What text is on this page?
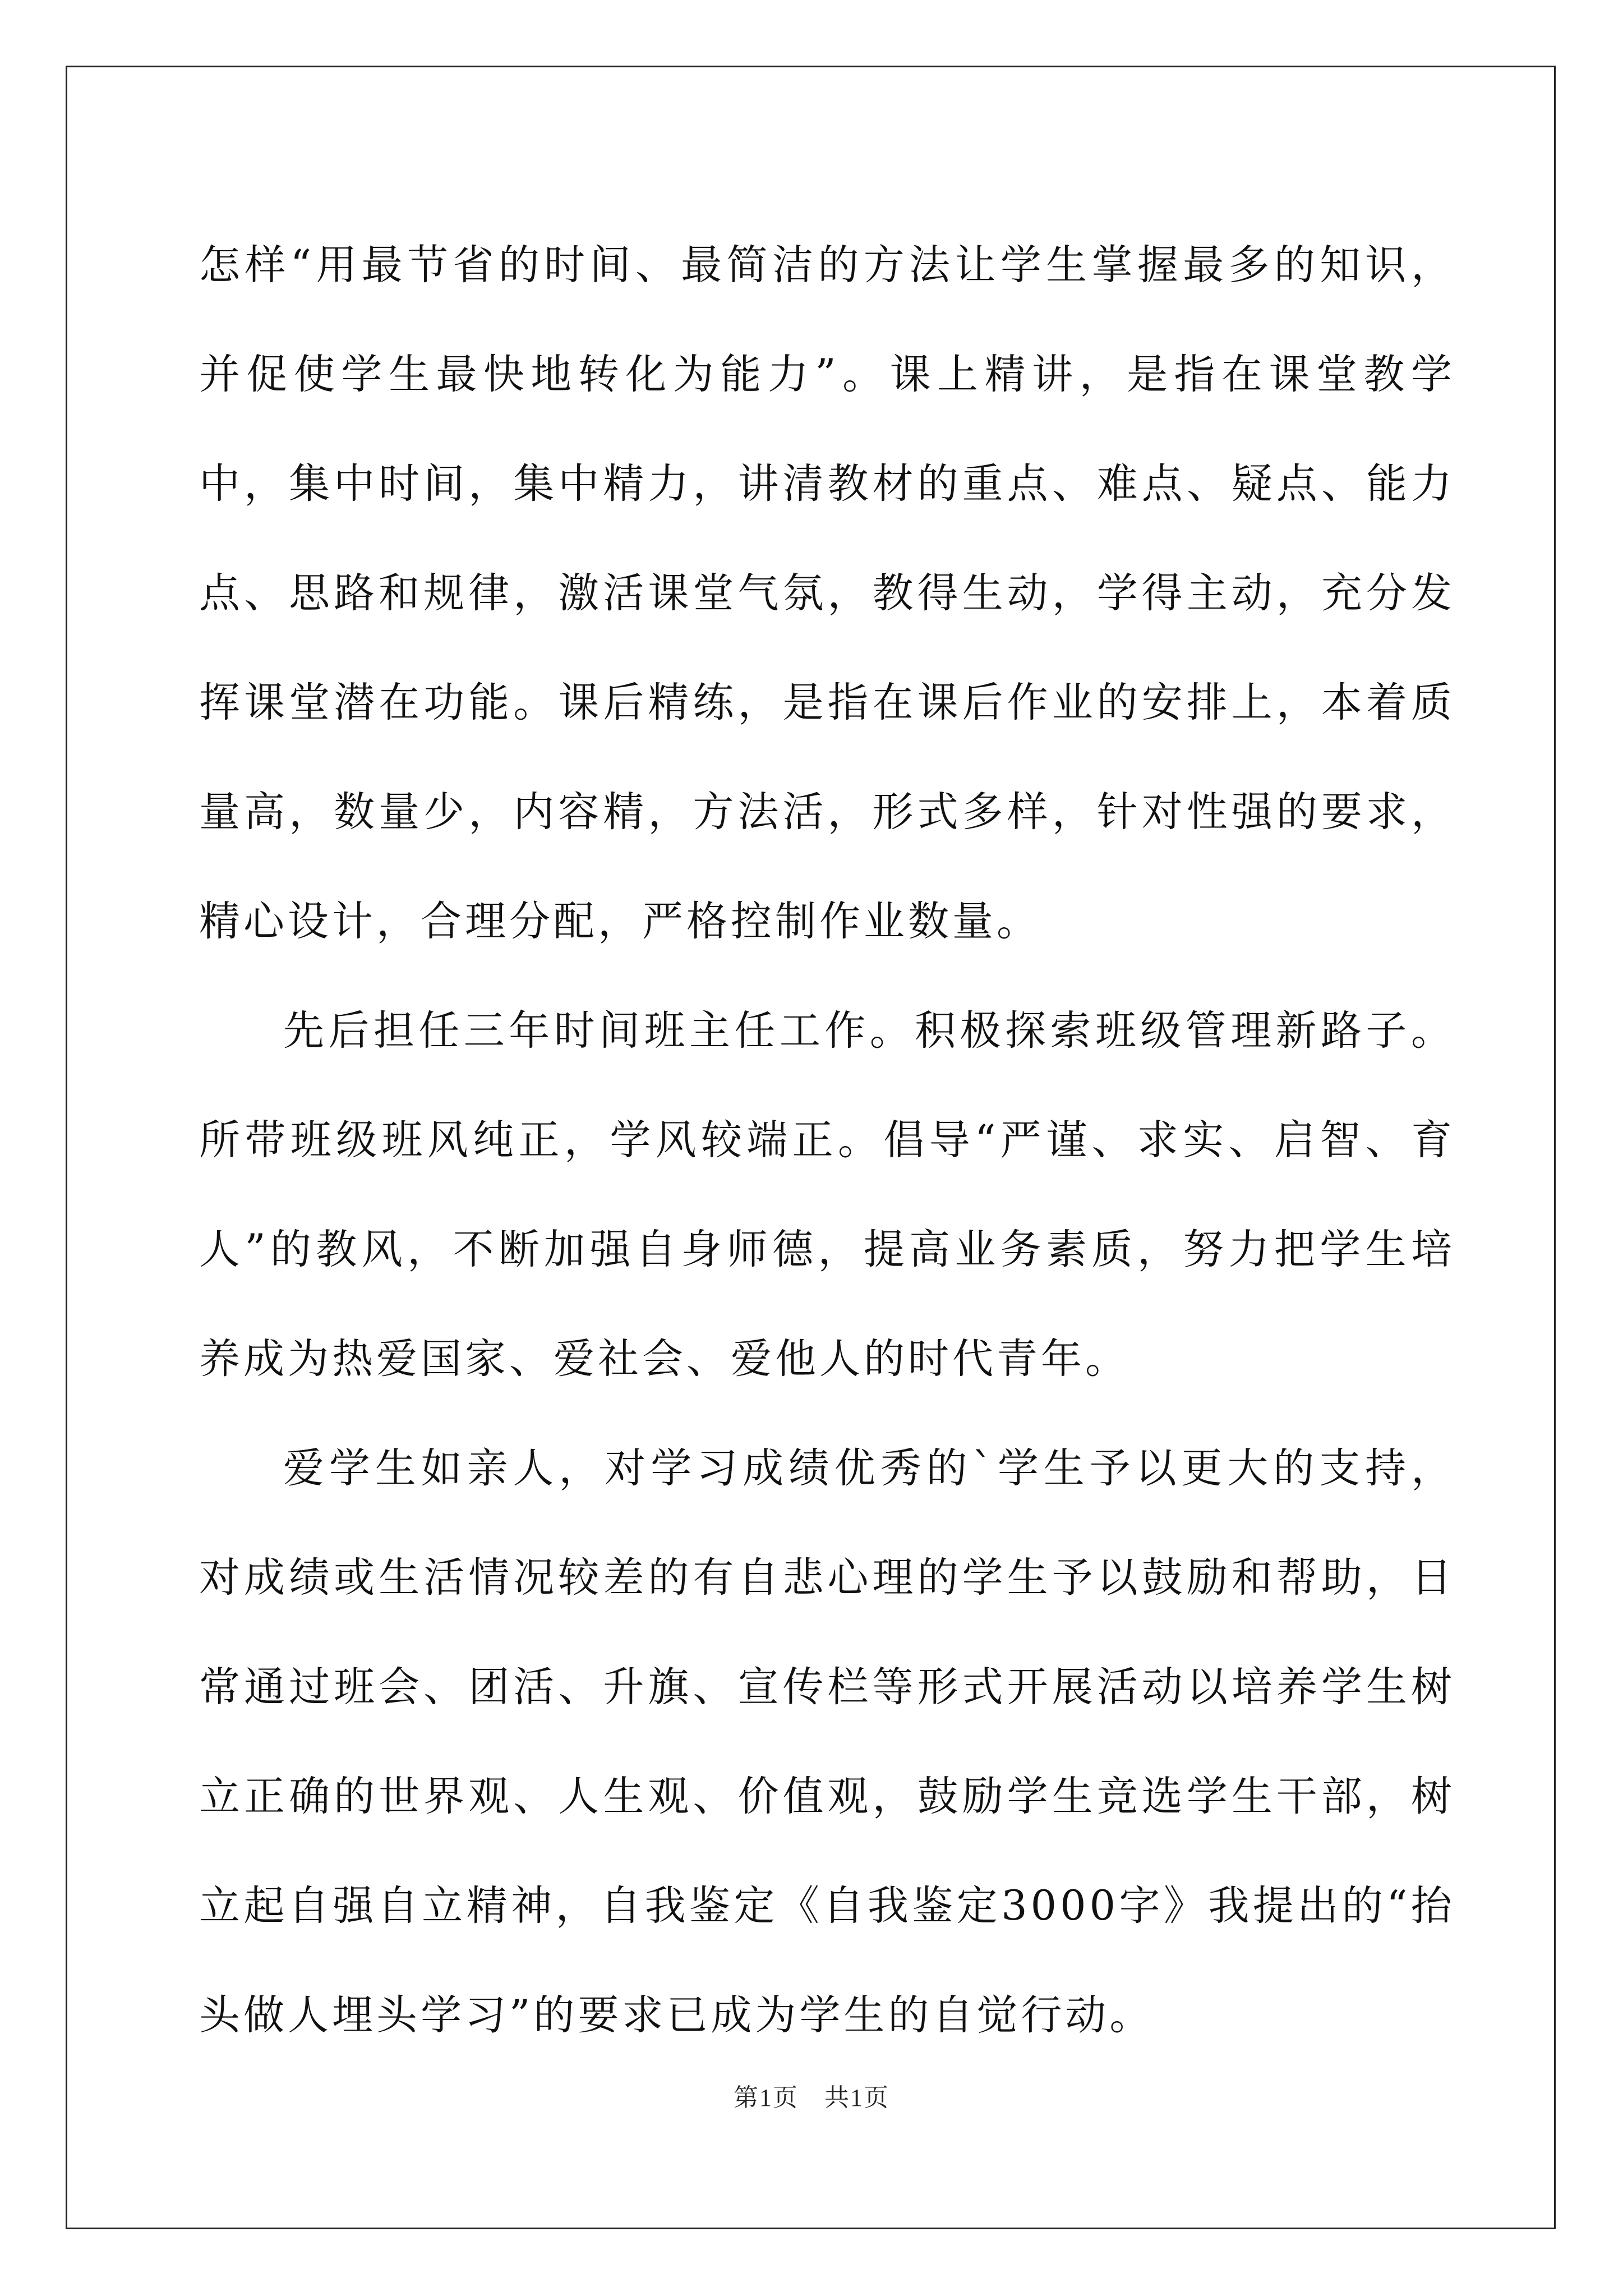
怎样“用最节省的时间、最简洁的方法让学生掌握最多的知识，并促使学生最快地转化为能力”。课上精讲，是指在课堂教学中，集中时间，集中精力，讲清教材的重点、难点、疑点、能力点、思路和规律，激活课堂气氛，教得生动，学得主动，充分发挥课堂潜在功能。课后精练，是指在课后作业的安排上，本着质量高，数量少，内容精，方法活，形式多样，针对性强的要求，精心设计，合理分配，严格控制作业数量。

先后担任三年时间班主任工作。积极探索班级管理新路子。所带班级班风纯正，学风较端正。倡导“严谨、求实、启智、育人”的教风，不断加强自身师德，提高业务素质，努力把学生培养成为热爱国家、爱社会、爱他人的时代青年。

爱学生如亲人，对学习成绩优秀的`学生予以更大的支持，对成绩或生活情况较差的有自悲心理的学生予以鼓励和帮助，日常通过班会、团活、升旗、宣传栏等形式开展活动以培养学生树立正确的世界观、人生观、价值观，鼓励学生竞选学生干部，树立起自强自立精神，自我鉴定《自我鉴定3000字》我提出的“抬头做人埋头学习”的要求已成为学生的自觉行动。

第1页　共1页
